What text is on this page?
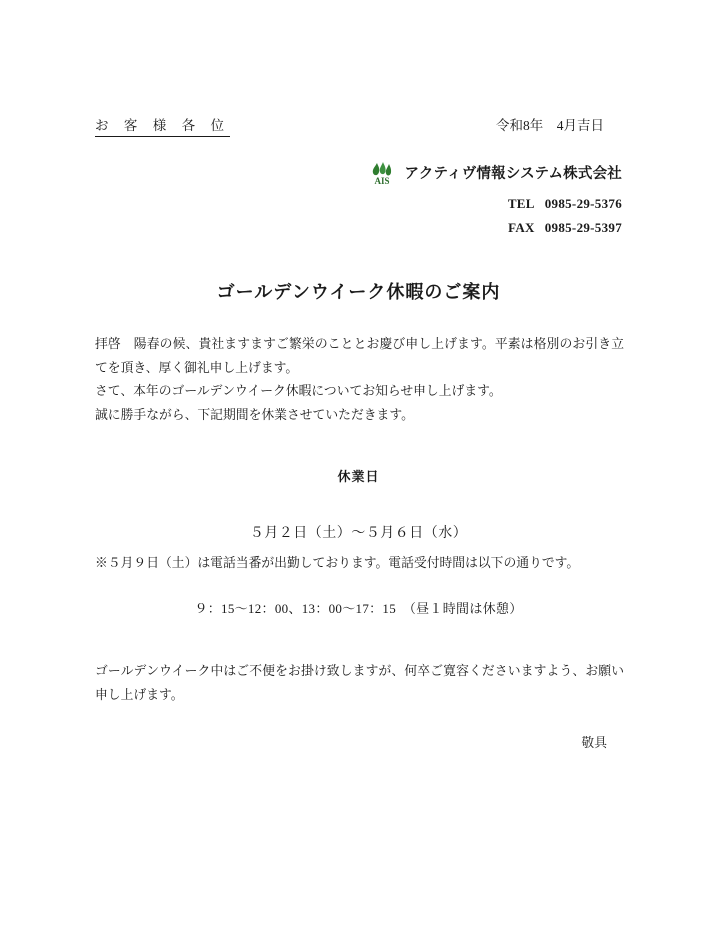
お 客 様 各 位	令和8年　4月吉日
AIS アクティヴ情報システム株式会社
TEL 0985-29-5376
FAX 0985-29-5397
ゴールデンウイーク休暇のご案内

拝啓　陽春の候、貴社ますますご繁栄のこととお慶び申し上げます。平素は格別のお引き立てを頂き、厚く御礼申し上げます。

さて、本年のゴールデンウイーク休暇についてお知らせ申し上げます。

誠に勝手ながら、下記期間を休業させていただきます。

休業日
５月２日（土）～５月６日（水）
※５月９日（土）は電話当番が出勤しております。電話受付時間は以下の通りです。
９：15～12：00、13：00～17：15　（昼１時間は休憩）

ゴールデンウイーク中はご不便をお掛け致しますが、何卒ご寛容くださいますよう、お願い申し上げます。

敬具
